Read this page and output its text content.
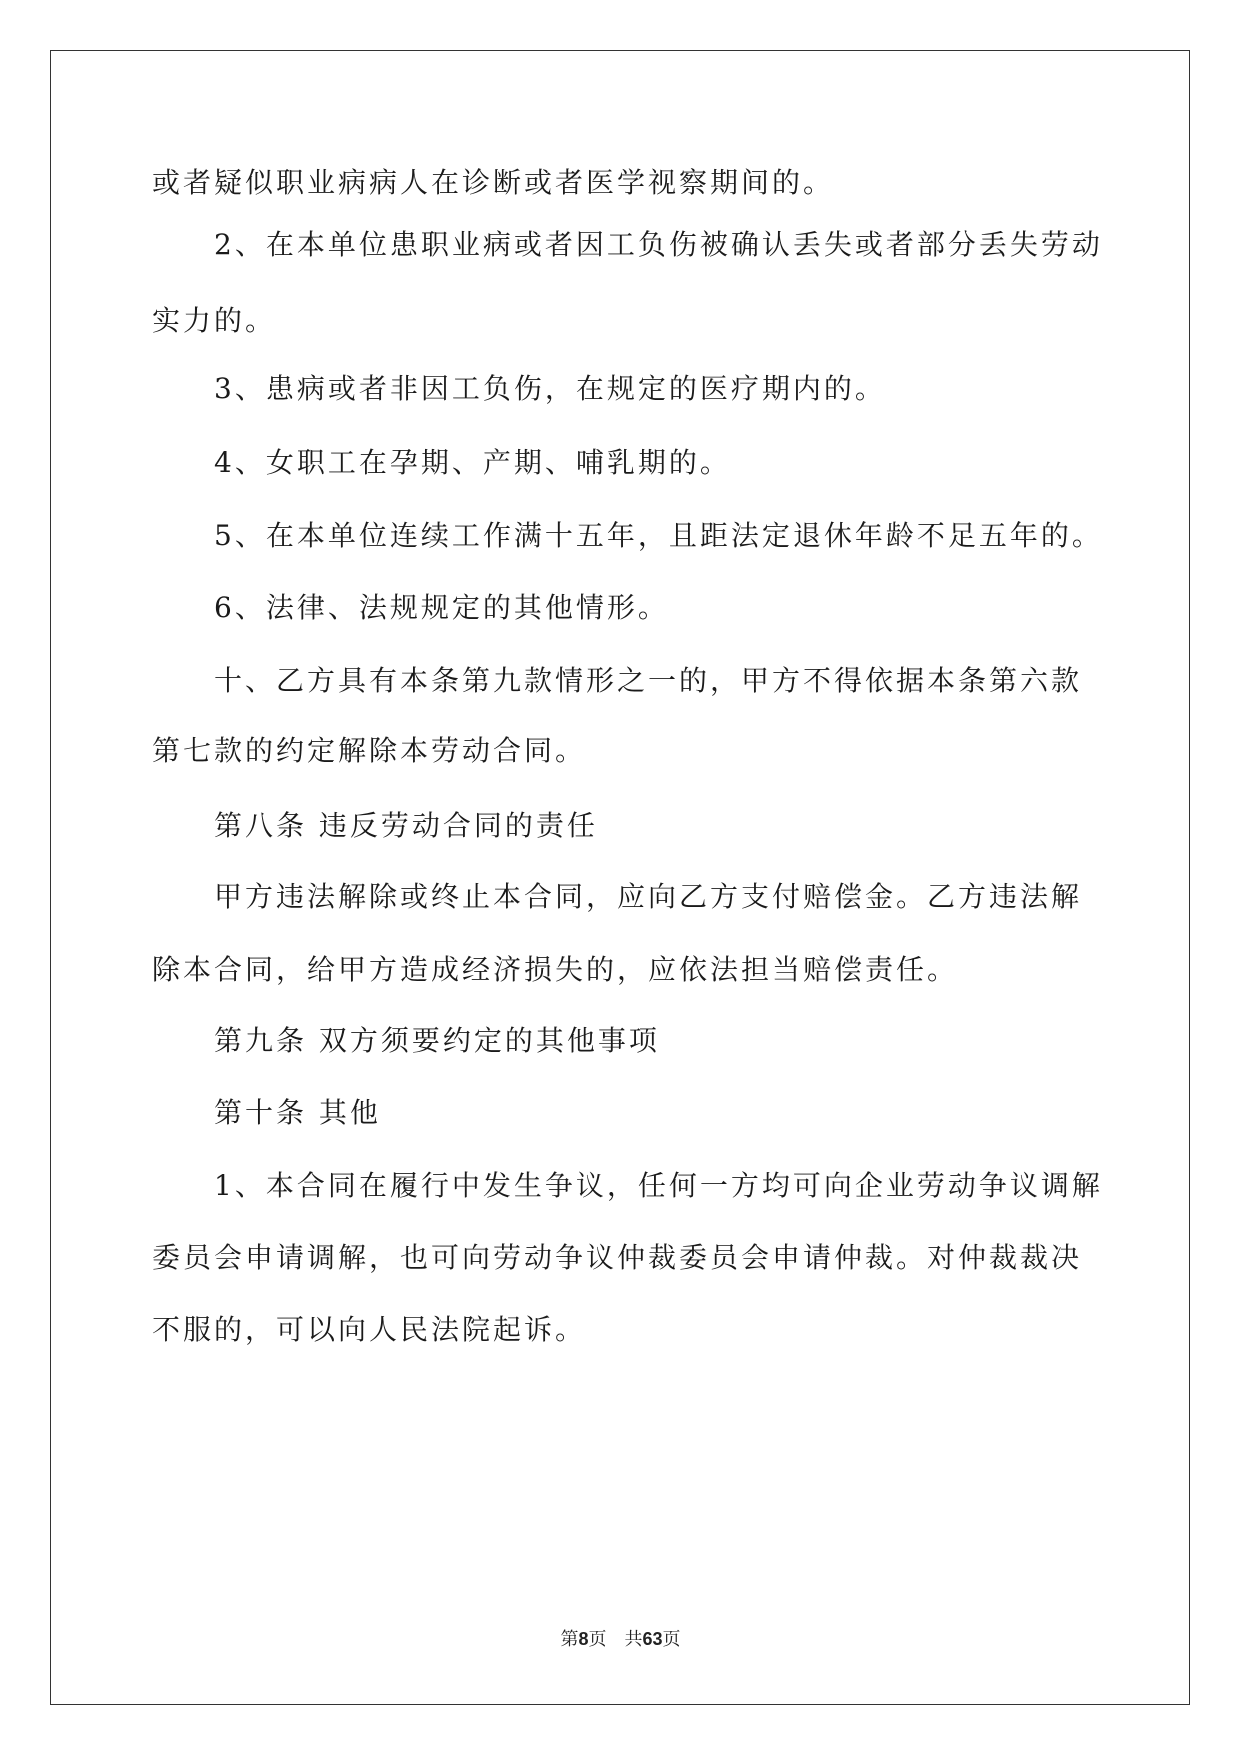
或者疑似职业病病人在诊断或者医学视察期间的。
2、在本单位患职业病或者因工负伤被确认丢失或者部分丢失劳动
实力的。
3、患病或者非因工负伤，在规定的医疗期内的。
4、女职工在孕期、产期、哺乳期的。
5、在本单位连续工作满十五年，且距法定退休年龄不足五年的。
6、法律、法规规定的其他情形。
十、乙方具有本条第九款情形之一的，甲方不得依据本条第六款
第七款的约定解除本劳动合同。
第八条 违反劳动合同的责任
甲方违法解除或终止本合同，应向乙方支付赔偿金。乙方违法解
除本合同，给甲方造成经济损失的，应依法担当赔偿责任。
第九条 双方须要约定的其他事项
第十条 其他
1、本合同在履行中发生争议，任何一方均可向企业劳动争议调解
委员会申请调解，也可向劳动争议仲裁委员会申请仲裁。对仲裁裁决
不服的，可以向人民法院起诉。
第8页　共63页
